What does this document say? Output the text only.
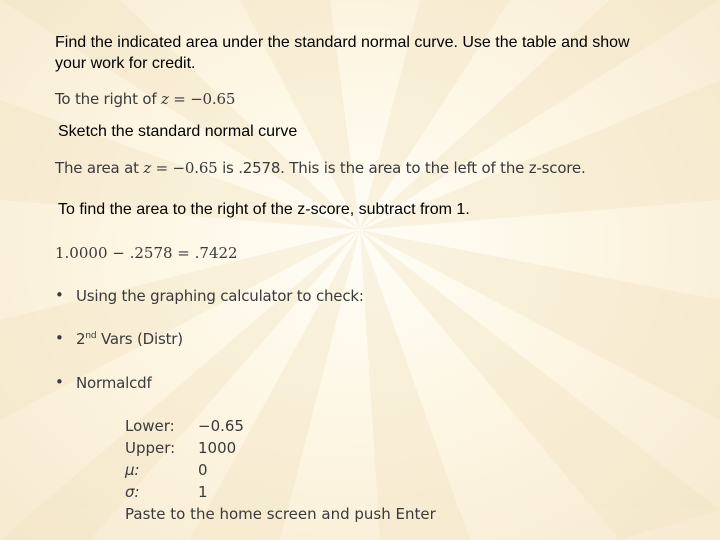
Find the indicated area under the standard normal curve. Use the table and show your work for credit.
To the right of z = −0.65
Sketch the standard normal curve
The area at z = −0.65 is .2578. This is the area to the left of the z-score.
To find the area to the right of the z-score, subtract from 1.
1.0000 − .2578 = .7422
• Using the graphing calculator to check:
• 2nd Vars (Distr)
• Normalcdf
Lower: −0.65
Upper: 1000
μ:	0
σ:	1
Paste to the home screen and push Enter
